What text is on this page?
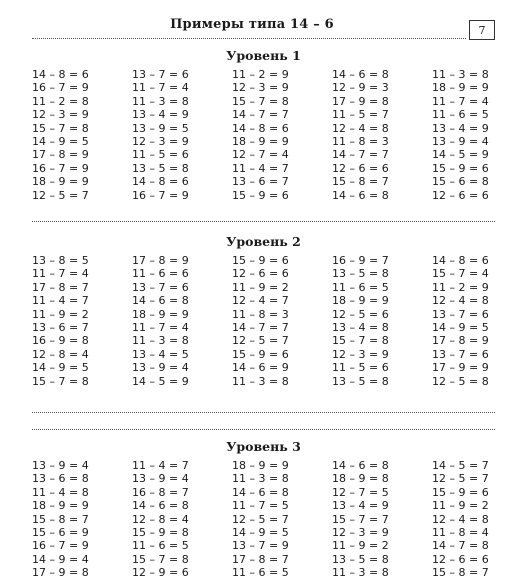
Примеры типа 14 – 6	7
Уровень 1
14 – 8 = 6
16 – 7 = 9
11 – 2 = 8
12 – 3 = 9
15 – 7 = 8
14 – 9 = 5
17 – 8 = 9
16 – 7 = 9
18 – 9 = 9
12 – 5 = 7
13 – 7 = 6
11 – 7 = 4
11 – 3 = 8
13 – 4 = 9
13 – 9 = 5
12 – 3 = 9
11 – 5 = 6
13 – 5 = 8
14 – 8 = 6
16 – 7 = 9
11 – 2 = 9
12 – 3 = 9
15 – 7 = 8
14 – 7 = 7
14 – 8 = 6
18 – 9 = 9
12 – 7 = 4
11 – 4 = 7
13 – 6 = 7
15 – 9 = 6
14 – 6 = 8
12 – 9 = 3
17 – 9 = 8
11 – 5 = 7
12 – 4 = 8
11 – 8 = 3
14 – 7 = 7
12 – 6 = 6
15 – 8 = 7
14 – 6 = 8
11 – 3 = 8
18 – 9 = 9
11 – 7 = 4
11 – 6 = 5
13 – 4 = 9
13 – 9 = 4
14 – 5 = 9
15 – 9 = 6
15 – 6 = 8
12 – 6 = 6
Уровень 2
13 – 8 = 5
11 – 7 = 4
17 – 8 = 7
11 – 4 = 7
11 – 9 = 2
13 – 6 = 7
16 – 9 = 8
12 – 8 = 4
14 – 9 = 5
15 – 7 = 8
17 – 8 = 9
11 – 6 = 6
13 – 7 = 6
14 – 6 = 8
18 – 9 = 9
11 – 7 = 4
11 – 3 = 8
13 – 4 = 5
13 – 9 = 4
14 – 5 = 9
15 – 9 = 6
12 – 6 = 6
11 – 9 = 2
12 – 4 = 7
11 – 8 = 3
14 – 7 = 7
12 – 5 = 7
15 – 9 = 6
14 – 6 = 9
11 – 3 = 8
16 – 9 = 7
13 – 5 = 8
11 – 6 = 5
18 – 9 = 9
12 – 5 = 6
13 – 4 = 8
15 – 7 = 8
12 – 3 = 9
11 – 5 = 6
13 – 5 = 8
14 – 8 = 6
15 – 7 = 4
11 – 2 = 9
12 – 4 = 8
13 – 7 = 6
14 – 9 = 5
17 – 8 = 9
13 – 7 = 6
17 – 9 = 9
12 – 5 = 8
Уровень 3
13 – 9 = 4
13 – 6 = 8
11 – 4 = 8
18 – 9 = 9
15 – 8 = 7
15 – 6 = 9
16 – 7 = 9
14 – 9 = 4
17 – 9 = 8
11 – 4 = 7
13 – 9 = 4
16 – 8 = 7
14 – 6 = 8
12 – 8 = 4
15 – 9 = 8
11 – 6 = 5
15 – 7 = 8
12 – 9 = 6
18 – 9 = 9
11 – 3 = 8
14 – 6 = 8
11 – 7 = 5
12 – 5 = 7
14 – 9 = 5
13 – 7 = 9
17 – 8 = 7
11 – 6 = 5
14 – 6 = 8
18 – 9 = 8
12 – 7 = 5
13 – 4 = 9
15 – 7 = 7
12 – 3 = 9
11 – 9 = 2
13 – 5 = 8
11 – 3 = 8
14 – 5 = 7
12 – 5 = 7
15 – 9 = 6
11 – 9 = 2
12 – 4 = 8
11 – 8 = 4
14 – 7 = 8
12 – 6 = 6
15 – 8 = 7
